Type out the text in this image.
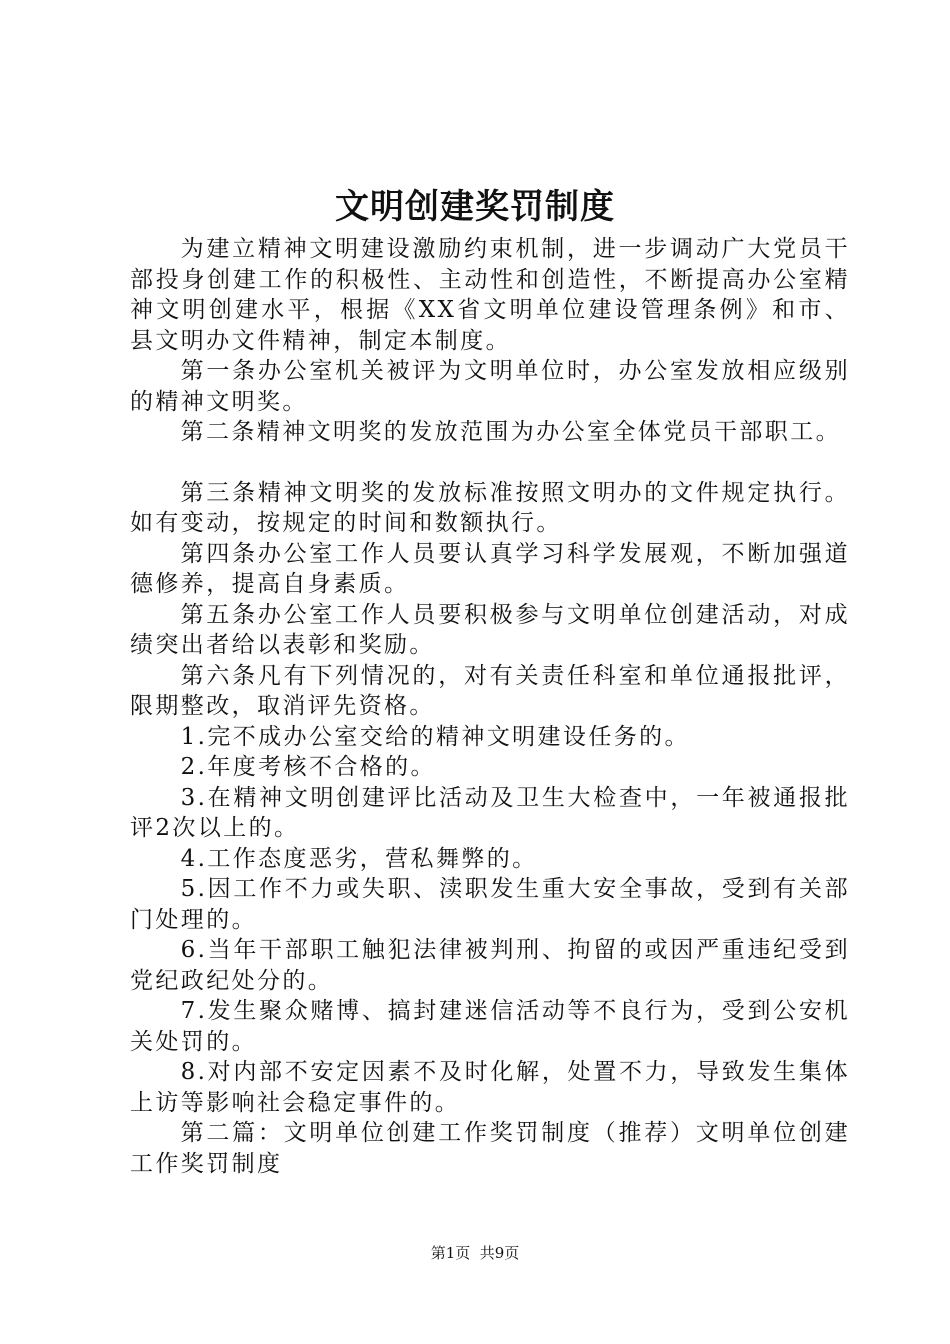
文明创建奖罚制度

为建立精神文明建设激励约束机制，进一步调动广大党员干部投身创建工作的积极性、主动性和创造性，不断提高办公室精神文明创建水平，根据《XX省文明单位建设管理条例》和市、县文明办文件精神，制定本制度。

第一条办公室机关被评为文明单位时，办公室发放相应级别的精神文明奖。

第二条精神文明奖的发放范围为办公室全体党员干部职工。

第三条精神文明奖的发放标准按照文明办的文件规定执行。如有变动，按规定的时间和数额执行。

第四条办公室工作人员要认真学习科学发展观，不断加强道德修养，提高自身素质。

第五条办公室工作人员要积极参与文明单位创建活动，对成绩突出者给以表彰和奖励。

第六条凡有下列情况的，对有关责任科室和单位通报批评，限期整改，取消评先资格。

1.完不成办公室交给的精神文明建设任务的。

2.年度考核不合格的。

3.在精神文明创建评比活动及卫生大检查中，一年被通报批评2次以上的。

4.工作态度恶劣，营私舞弊的。

5.因工作不力或失职、渎职发生重大安全事故，受到有关部门处理的。

6.当年干部职工触犯法律被判刑、拘留的或因严重违纪受到党纪政纪处分的。

7.发生聚众赌博、搞封建迷信活动等不良行为，受到公安机关处罚的。

8.对内部不安定因素不及时化解，处置不力，导致发生集体上访等影响社会稳定事件的。

第二篇：文明单位创建工作奖罚制度（推荐）文明单位创建工作奖罚制度

第1页  共9页
